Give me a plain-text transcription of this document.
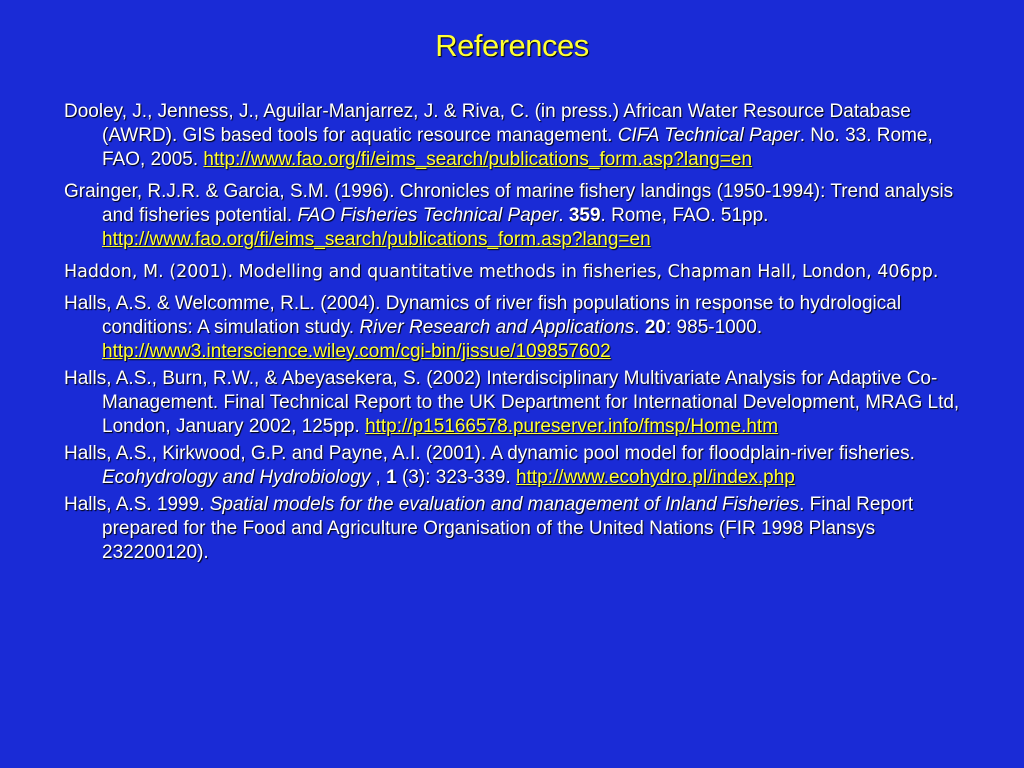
References
Dooley, J., Jenness, J., Aguilar-Manjarrez, J. & Riva, C. (in press.) African Water Resource Database (AWRD). GIS based tools for aquatic resource management. CIFA Technical Paper. No. 33. Rome, FAO, 2005. http://www.fao.org/fi/eims_search/publications_form.asp?lang=en
Grainger, R.J.R. & Garcia, S.M. (1996). Chronicles of marine fishery landings (1950-1994): Trend analysis and fisheries potential. FAO Fisheries Technical Paper. 359. Rome, FAO. 51pp. http://www.fao.org/fi/eims_search/publications_form.asp?lang=en
Haddon, M. (2001). Modelling and quantitative methods in fisheries, Chapman Hall, London, 406pp.
Halls, A.S. & Welcomme, R.L. (2004). Dynamics of river fish populations in response to hydrological conditions: A simulation study. River Research and Applications. 20: 985-1000. http://www3.interscience.wiley.com/cgi-bin/jissue/109857602
Halls, A.S., Burn, R.W., & Abeyasekera, S. (2002) Interdisciplinary Multivariate Analysis for Adaptive Co-Management. Final Technical Report to the UK Department for International Development, MRAG Ltd, London, January 2002, 125pp. http://p15166578.pureserver.info/fmsp/Home.htm
Halls, A.S., Kirkwood, G.P. and Payne, A.I. (2001). A dynamic pool model for floodplain-river fisheries. Ecohydrology and Hydrobiology , 1 (3): 323-339. http://www.ecohydro.pl/index.php
Halls, A.S. 1999. Spatial models for the evaluation and management of Inland Fisheries. Final Report prepared for the Food and Agriculture Organisation of the United Nations (FIR 1998 Plansys 232200120).
